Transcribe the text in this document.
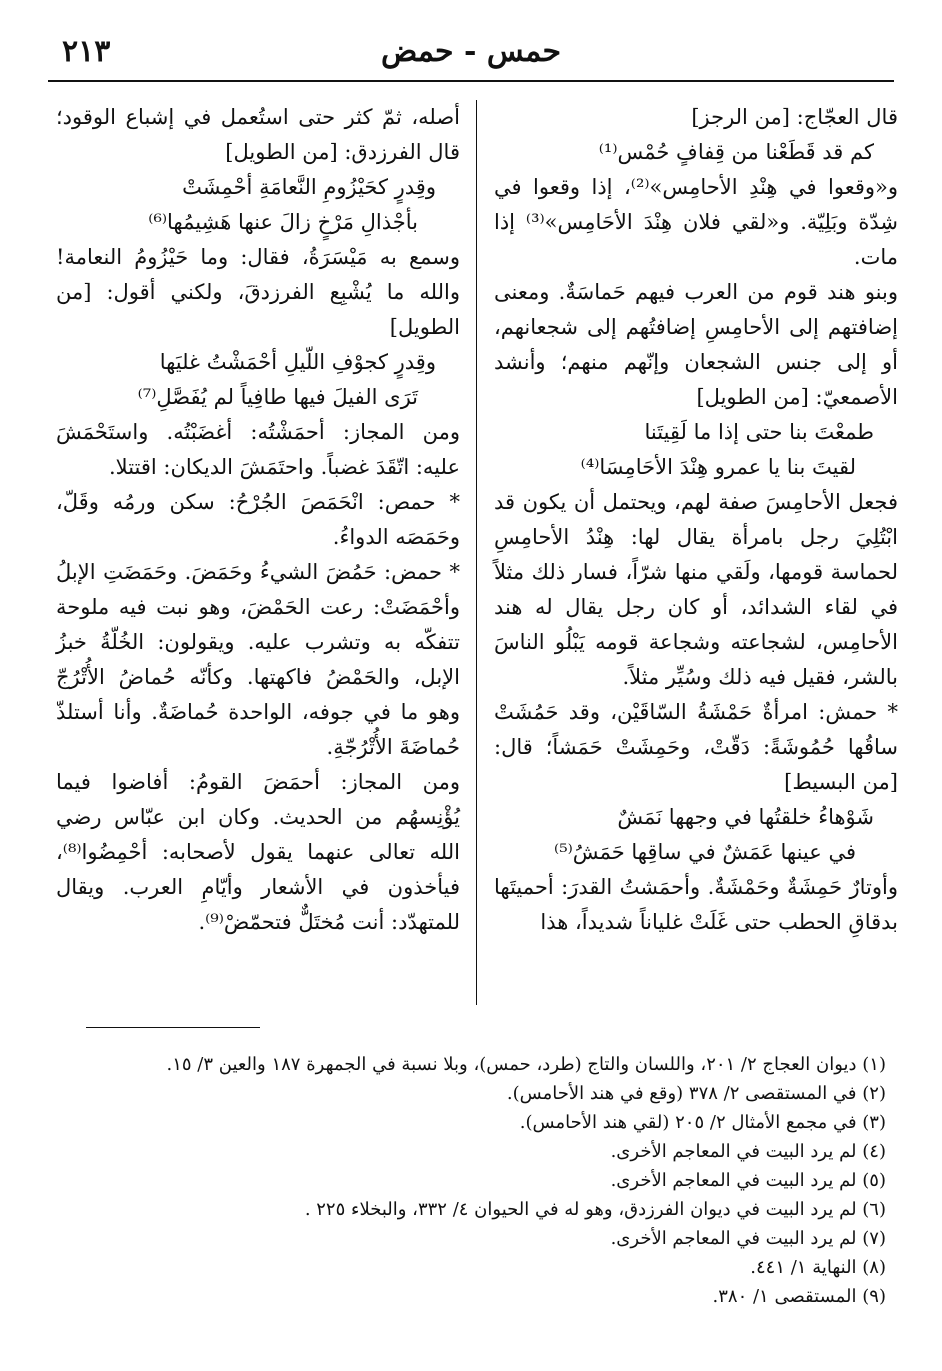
٢١٣	حمس - حمض

قال العجّاج: [من الرجز]

كم قد قَطَعْنا من قِفافٍ حُمْس⁽¹⁾

و«وقعوا في هِنْدِ الأحامِس»⁽²⁾، إذا وقعوا في شِدّة وبَلِيّة. و«لقي فلان هِنْدَ الأحَامِس»⁽³⁾ إذا مات.

وبنو هند قوم من العرب فيهم حَماسَةٌ. ومعنى إضافتهم إلى الأحامِسِ إضافتُهم إلى شجعانهم، أو إلى جنس الشجعان وإنّهم منهم؛ وأنشد الأصمعيّ: [من الطويل]

طمعْتَ بنا حتى إذا ما لَقِيتَنا

لقيتَ بنا يا عمرو هِنْدَ الأحَامِسَا⁽⁴⁾

فجعل الأحامِسَ صفة لهم، ويحتمل أن يكون قد ابْتُلِيَ رجل بامرأة يقال لها: هِنْدُ الأحامِسِ لحماسة قومها، ولَقي منها شرّاً، فسار ذلك مثلاً في لقاء الشدائد، أو كان رجل يقال له هند الأحامِس، لشجاعته وشجاعة قومه يَبْلُو الناسَ بالشر، فقيل فيه ذلك وسُيِّر مثلاً.

* حمش: امرأةٌ حَمْشَةُ السّاقَيْن، وقد حَمُشَتْ ساقُها حُمُوشَةً: دَقّتْ، وحَمِشَتْ حَمَشاً؛ قال: [من البسيط]

شَوْهاءُ خلقتُها في وجهها نَمَشٌ

في عينها عَمَشٌ في ساقِها حَمَشُ⁽⁵⁾

وأوتارٌ حَمِشَةٌ وحَمْشَةٌ. وأحمَشتُ القدرَ: أحميتَها بدقاقِ الحطب حتى غَلَتْ غلياناً شديداً، هذا

أصله، ثمّ كثر حتى استُعمل في إشباع الوقود؛ قال الفرزدق: [من الطويل]

وقِدرٍ كحَيْزُومِ النَّعامَةِ أحْمِشَتْ

بأجْذالِ مَرْخٍ زالَ عنها هَشِيمُها⁽⁶⁾

وسمع به مَيْسَرَةُ، فقال: وما حَيْزُومُ النعامة! والله ما يُشْبِع الفرزدقَ، ولكني أقول: [من الطويل]

وقِدرٍ كجوْفِ اللّيلِ أحْمَشْتُ غليَها

تَرَى الفيلَ فيها طافِياً لم يُفَصَّلِ⁽⁷⁾

ومن المجاز: أحمَشْتُه: أغضَبْتُه. واستَحْمَشَ عليه: اتّقَدَ غضباً. واحتَمَشَ الديكان: اقتتلا.

* حمص: انْحَمَصَ الجُرْحُ: سكن ورمُه وقَلّ، وحَمَصَه الدواءُ.

* حمض: حَمُضَ الشيءُ وحَمَضَ. وحَمَضَتِ الإبلُ وأحْمَضَتْ: رعت الحَمْضَ، وهو نبت فيه ملوحة تتفكّه به وتشرب عليه. ويقولون: الخُلّةُ خبزُ الإبل، والحَمْضُ فاكهتها. وكأنّه حُماضُ الأُتْرُجّ وهو ما في جوفه، الواحدة حُماضَةٌ. وأنا أستلذّ حُماضَةَ الأُتْرُجّةِ.

ومن المجاز: أحمَضَ القومُ: أفاضوا فيما يُؤْنِسهُم من الحديث. وكان ابن عبّاس رضي الله تعالى عنهما يقول لأصحابه: أحْمِضُوا⁽⁸⁾، فيأخذون في الأشعار وأيّامِ العرب. ويقال للمتهدّد: أنت مُختَلٌّ فتحمّضْ⁽⁹⁾.

(١) ديوان العجاج ٢/ ٢٠١، واللسان والتاج (طرد، حمس)، وبلا نسبة في الجمهرة ١٨٧ والعين ٣/ ١٥.

(٢) في المستقصى ٢/ ٣٧٨ (وقع في هند الأحامس).

(٣) في مجمع الأمثال ٢/ ٢٠٥ (لقي هند الأحامس).

(٤) لم يرد البيت في المعاجم الأخرى.

(٥) لم يرد البيت في المعاجم الأخرى.

(٦) لم يرد البيت في ديوان الفرزدق، وهو له في الحيوان ٤/ ٣٣٢، والبخلاء ٢٢٥ .

(٧) لم يرد البيت في المعاجم الأخرى.

(٨) النهاية ١/ ٤٤١.

(٩) المستقصى ١/ ٣٨٠.
